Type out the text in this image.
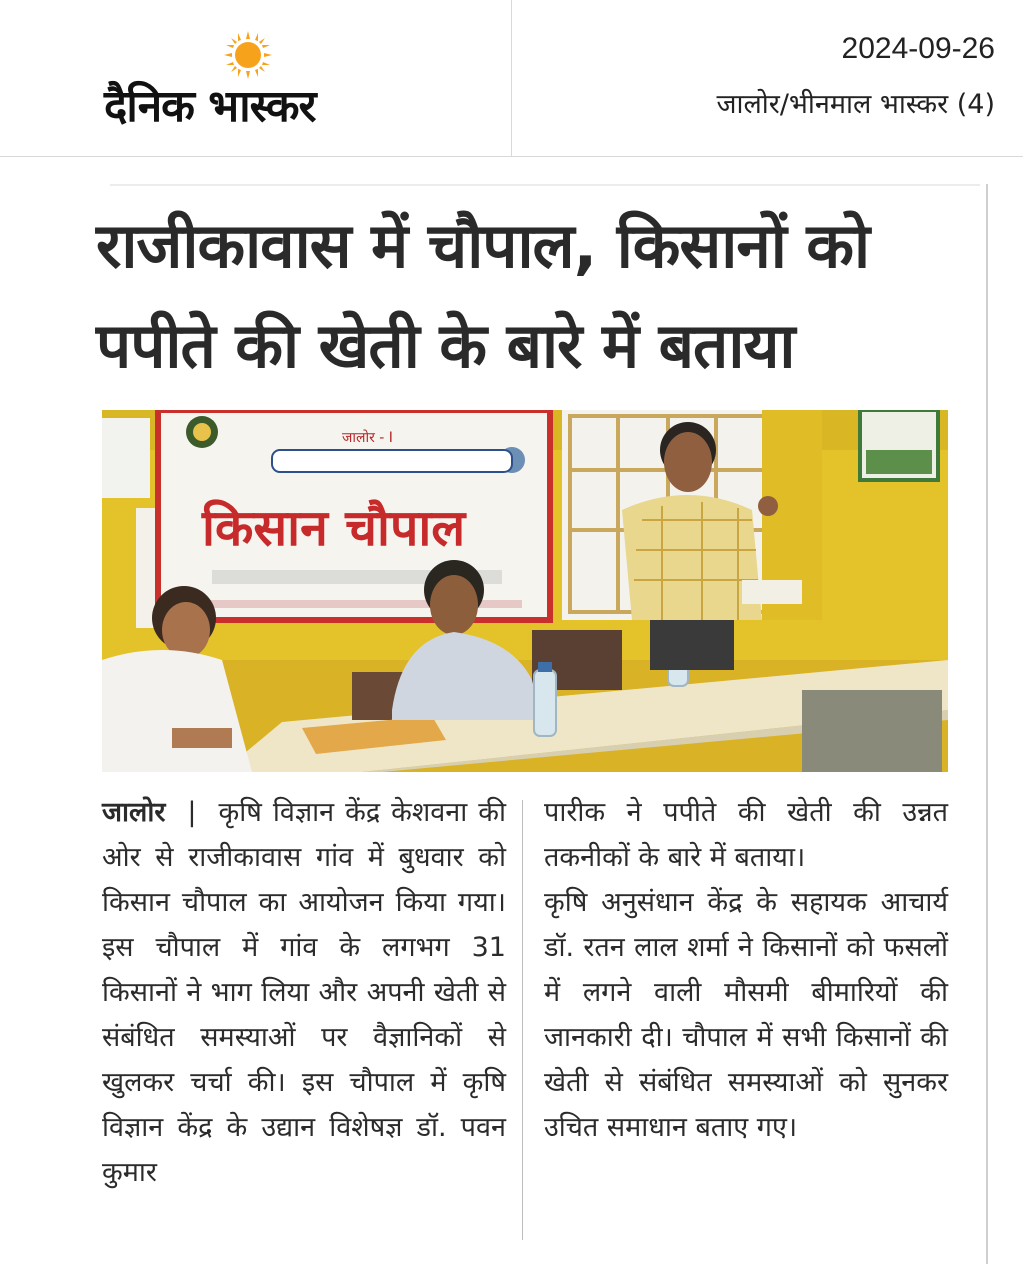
दैनिक भास्कर
2024-09-26
जालोर/भीनमाल भास्कर (4)
राजीकावास में चौपाल, किसानों को
पपीते की खेती के बारे में बताया
जालोर - I
किसान चौपाल

जालोर  |  कृषि विज्ञान केंद्र केशवना की ओर से राजीकावास गांव में बुधवार को किसान चौपाल का आयोजन किया गया। इस चौपाल में गांव के लगभग 31 किसानों ने भाग लिया और अपनी खेती से संबंधित समस्याओं पर वैज्ञानिकों से खुलकर चर्चा की। इस चौपाल में कृषि विज्ञान केंद्र के उद्यान विशेषज्ञ डॉ. पवन कुमार

पारीक ने पपीते की खेती की उन्नत तकनीकों के बारे में बताया।

कृषि अनुसंधान केंद्र के सहायक आचार्य डॉ. रतन लाल शर्मा ने किसानों को फसलों में लगने वाली मौसमी बीमारियों की जानकारी दी। चौपाल में सभी किसानों की खेती से संबंधित समस्याओं को सुनकर उचित समाधान बताए गए।
